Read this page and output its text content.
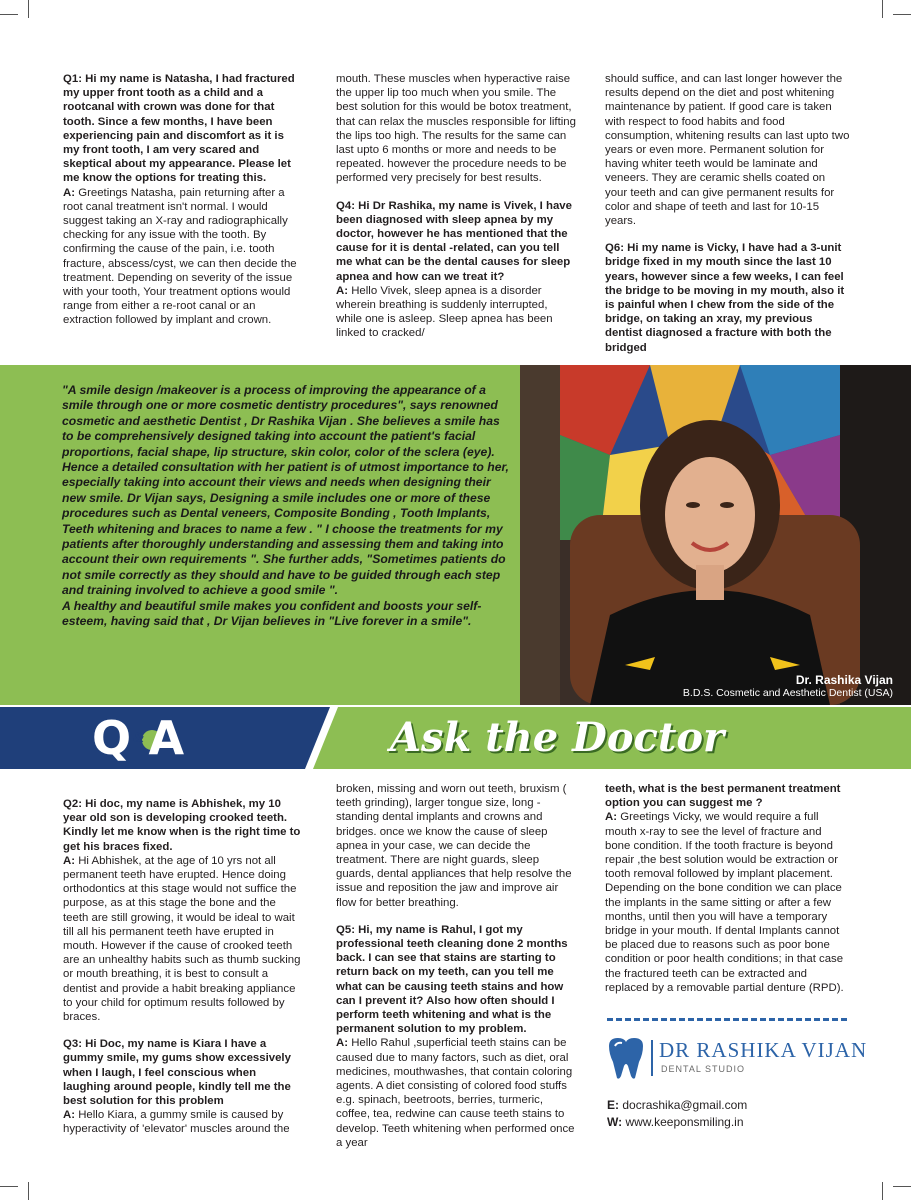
Q1: Hi my name is Natasha, I had fractured my upper front tooth as a child and a rootcanal with crown was done for that tooth. Since a few months, I have been experiencing pain and discomfort as it is my front tooth, I am very scared and skeptical about my appearance. Please let me know the options for treating this.
A: Greetings Natasha, pain returning after a root canal treatment isn't normal. I would suggest taking an X-ray and radiographically checking for any issue with the tooth. By confirming the cause of the pain, i.e. tooth fracture, abscess/cyst, we can then decide the treatment. Depending on severity of the issue with your tooth, Your treatment options would range from either a re-root canal or an extraction followed by implant and crown.

mouth. These muscles when hyperactive raise the upper lip too much when you smile. The best solution for this would be botox treatment, that can relax the muscles responsible for lifting the lips too high. The results for the same can last upto 6 months or more and needs to be repeated. however the procedure needs to be performed very precisely for best results.

Q4: Hi Dr Rashika, my name is Vivek, I have been diagnosed with sleep apnea by my doctor, however he has mentioned that the cause for it is dental -related, can you tell me what can be the dental causes for sleep apnea and how can we treat it?
A: Hello Vivek, sleep apnea is a disorder wherein breathing is suddenly interrupted, while one is asleep. Sleep apnea has been linked to cracked/

should suffice, and can last longer however the results depend on the diet and post whitening maintenance by patient. If good care is taken with respect to food habits and food consumption, whitening results can last upto two years or even more. Permanent solution for having whiter teeth would be laminate and veneers. They are ceramic shells coated on your teeth and can give permanent results for color and shape of teeth and last for 10-15 years.

Q6: Hi my name is Vicky, I have had a 3-unit bridge fixed in my mouth since the last 10 years, however since a few weeks, I can feel the bridge to be moving in my mouth, also it is painful when I chew from the side of the bridge, on taking an xray, my previous dentist diagnosed a fracture with both the bridged

"A smile design /makeover is a process of improving the appearance of a smile through one or more cosmetic dentistry procedures", says renowned cosmetic and aesthetic Dentist , Dr Rashika Vijan . She believes a smile has to be comprehensively designed taking into account the patient's facial proportions, facial shape, lip structure, skin color, color of the sclera (eye). Hence a detailed consultation with her patient is of utmost importance to her, especially taking into account their views and needs when designing their new smile. Dr Vijan says, Designing a smile includes one or more of these procedures such as Dental veneers, Composite Bonding , Tooth Implants, Teeth whitening and braces to name a few . " I choose the treatments for my patients after thoroughly understanding and assessing them and taking into account their own requirements ". She further adds, "Sometimes patients do not smile correctly as they should and have to be guided through each step and training involved to achieve a good smile ".
A healthy and beautiful smile makes you confident and boosts your self-esteem, having said that , Dr Vijan believes in "Live forever in a smile".
Dr. Rashika Vijan
B.D.S. Cosmetic and Aesthetic Dentist (USA)
Q &A	Ask the Doctor

Q2: Hi doc, my name is Abhishek, my 10 year old son is developing crooked teeth. Kindly let me know when is the right time to get his braces fixed.
A: Hi Abhishek, at the age of 10 yrs not all permanent teeth have erupted. Hence doing orthodontics at this stage would not suffice the purpose, as at this stage the bone and the teeth are still growing, it would be ideal to wait till all his permanent teeth have erupted in mouth. However if the cause of crooked teeth are an unhealthy habits such as thumb sucking or mouth breathing, it is best to consult a dentist and provide a habit breaking appliance to your child for optimum results followed by braces.

Q3: Hi Doc, my name is Kiara I have a gummy smile, my gums show excessively when I laugh, I feel conscious when laughing around people, kindly tell me the best solution for this problem
A: Hello Kiara, a gummy smile is caused by hyperactivity of 'elevator' muscles around the

broken, missing and worn out teeth, bruxism ( teeth grinding), larger tongue size, long - standing dental implants and crowns and bridges. once we know the cause of sleep apnea in your case, we can decide the treatment. There are night guards, sleep guards, dental appliances that help resolve the issue and reposition the jaw and improve air flow for better breathing.

Q5: Hi, my name is Rahul, I got my professional teeth cleaning done 2 months back. I can see that stains are starting to return back on my teeth, can you tell me what can be causing teeth stains and how can I prevent it? Also how often should I perform teeth whitening and what is the permanent solution to my problem.
A: Hello Rahul ,superficial teeth stains can be caused due to many factors, such as diet, oral medicines, mouthwashes, that contain coloring agents. A diet consisting of colored food stuffs e.g. spinach, beetroots, berries, turmeric, coffee, tea, redwine can cause teeth stains to develop. Teeth whitening when performed once a year

teeth, what is the best permanent treatment option you can suggest me ?
A: Greetings Vicky, we would require a full mouth x-ray to see the level of fracture and bone condition. If the tooth fracture is beyond repair ,the best solution would be extraction or tooth removal followed by implant placement. Depending on the bone condition we can place the implants in the same sitting or after a few months, until then you will have a temporary bridge in your mouth. If dental Implants cannot be placed due to reasons such as poor bone condition or poor health conditions; in that case the fractured teeth can be extracted and replaced by a removable partial denture (RPD).

DR RASHIKA VIJAN
DENTAL STUDIO
E: docrashika@gmail.com
W: www.keeponsmiling.in
